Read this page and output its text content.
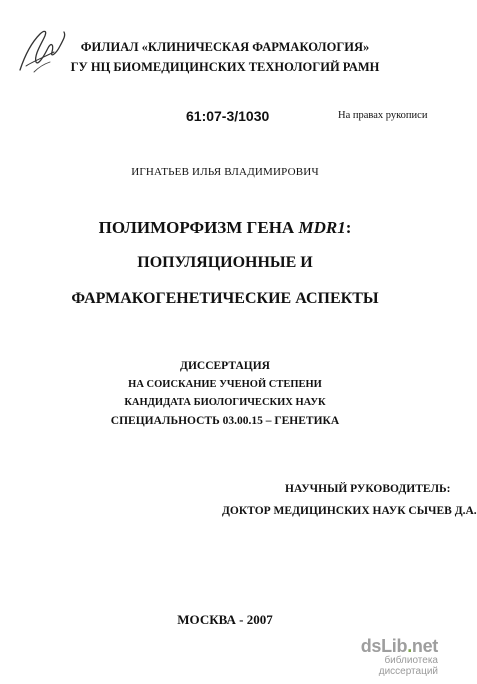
ФИЛИАЛ «КЛИНИЧЕСКАЯ ФАРМАКОЛОГИЯ»
ГУ НЦ БИОМЕДИЦИНСКИХ ТЕХНОЛОГИЙ РАМН
61:07-3/1030	На правах рукописи
ИГНАТЬЕВ ИЛЬЯ ВЛАДИМИРОВИЧ
ПОЛИМОРФИЗМ ГЕНА MDR1:
ПОПУЛЯЦИОННЫЕ И
ФАРМАКОГЕНЕТИЧЕСКИЕ АСПЕКТЫ
ДИССЕРТАЦИЯ
НА СОИСКАНИЕ УЧЕНОЙ СТЕПЕНИ
КАНДИДАТА БИОЛОГИЧЕСКИХ НАУК
СПЕЦИАЛЬНОСТЬ 03.00.15 – ГЕНЕТИКА
НАУЧНЫЙ РУКОВОДИТЕЛЬ:
ДОКТОР МЕДИЦИНСКИХ НАУК СЫЧЕВ Д.А.
МОСКВА - 2007
dsLib.net
библиотека диссертаций
